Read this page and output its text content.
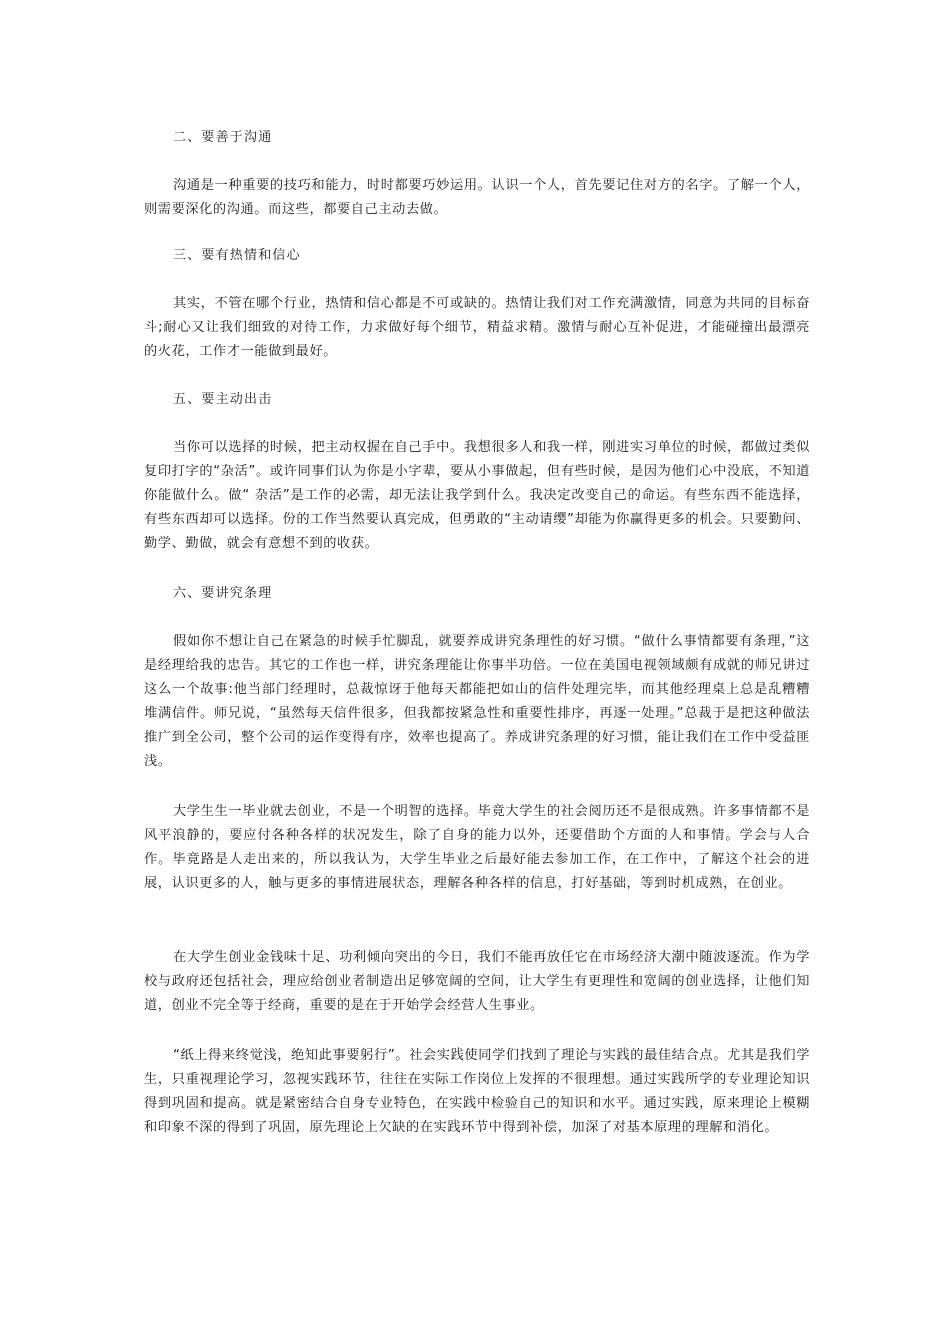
二、要善于沟通

沟通是一种重要的技巧和能力，时时都要巧妙运用。认识一个人，首先要记住对方的名字。了解一个人，则需要深化的沟通。而这些，都要自己主动去做。

三、要有热情和信心

其实，不管在哪个行业，热情和信心都是不可或缺的。热情让我们对工作充满激情，同意为共同的目标奋斗;耐心又让我们细致的对待工作，力求做好每个细节，精益求精。激情与耐心互补促进，才能碰撞出最漂亮的火花，工作才一能做到最好。

五、要主动出击

当你可以选择的时候，把主动权握在自己手中。我想很多人和我一样，刚进实习单位的时候，都做过类似复印打字的“杂活”。或许同事们认为你是小字辈，要从小事做起，但有些时候，是因为他们心中没底，不知道你能做什么。做“ 杂活”是工作的必需，却无法让我学到什么。我决定改变自己的命运。有些东西不能选择，有些东西却可以选择。份的工作当然要认真完成，但勇敢的“主动请缨”却能为你赢得更多的机会。只要勤问、勤学、勤做，就会有意想不到的收获。

六、要讲究条理

假如你不想让自己在紧急的时候手忙脚乱，就要养成讲究条理性的好习惯。“做什么事情都要有条理，”这是经理给我的忠告。其它的工作也一样，讲究条理能让你事半功倍。一位在美国电视领域颇有成就的师兄讲过这么一个故事:他当部门经理时，总裁惊讶于他每天都能把如山的信件处理完毕，而其他经理桌上总是乱糟糟堆满信件。师兄说，“虽然每天信件很多，但我都按紧急性和重要性排序，再逐一处理。”总裁于是把这种做法推广到全公司，整个公司的运作变得有序，效率也提高了。养成讲究条理的好习惯，能让我们在工作中受益匪浅。

大学生生一毕业就去创业，不是一个明智的选择。毕竟大学生的社会阅历还不是很成熟。许多事情都不是风平浪静的，要应付各种各样的状况发生，除了自身的能力以外，还要借助个方面的人和事情。学会与人合作。毕竟路是人走出来的，所以我认为，大学生毕业之后最好能去参加工作，在工作中，了解这个社会的进展，认识更多的人，触与更多的事情进展状态，理解各种各样的信息，打好基础，等到时机成熟，在创业。

在大学生创业金钱味十足、功利倾向突出的今日，我们不能再放任它在市场经济大潮中随波逐流。作为学校与政府还包括社会，理应给创业者制造出足够宽阔的空间，让大学生有更理性和宽阔的创业选择，让他们知道，创业不完全等于经商，重要的是在于开始学会经营人生事业。

“纸上得来终觉浅，绝知此事要躬行”。社会实践使同学们找到了理论与实践的最佳结合点。尤其是我们学生，只重视理论学习，忽视实践环节，往往在实际工作岗位上发挥的不很理想。通过实践所学的专业理论知识得到巩固和提高。就是紧密结合自身专业特色，在实践中检验自己的知识和水平。通过实践，原来理论上模糊和印象不深的得到了巩固，原先理论上欠缺的在实践环节中得到补偿，加深了对基本原理的理解和消化。
